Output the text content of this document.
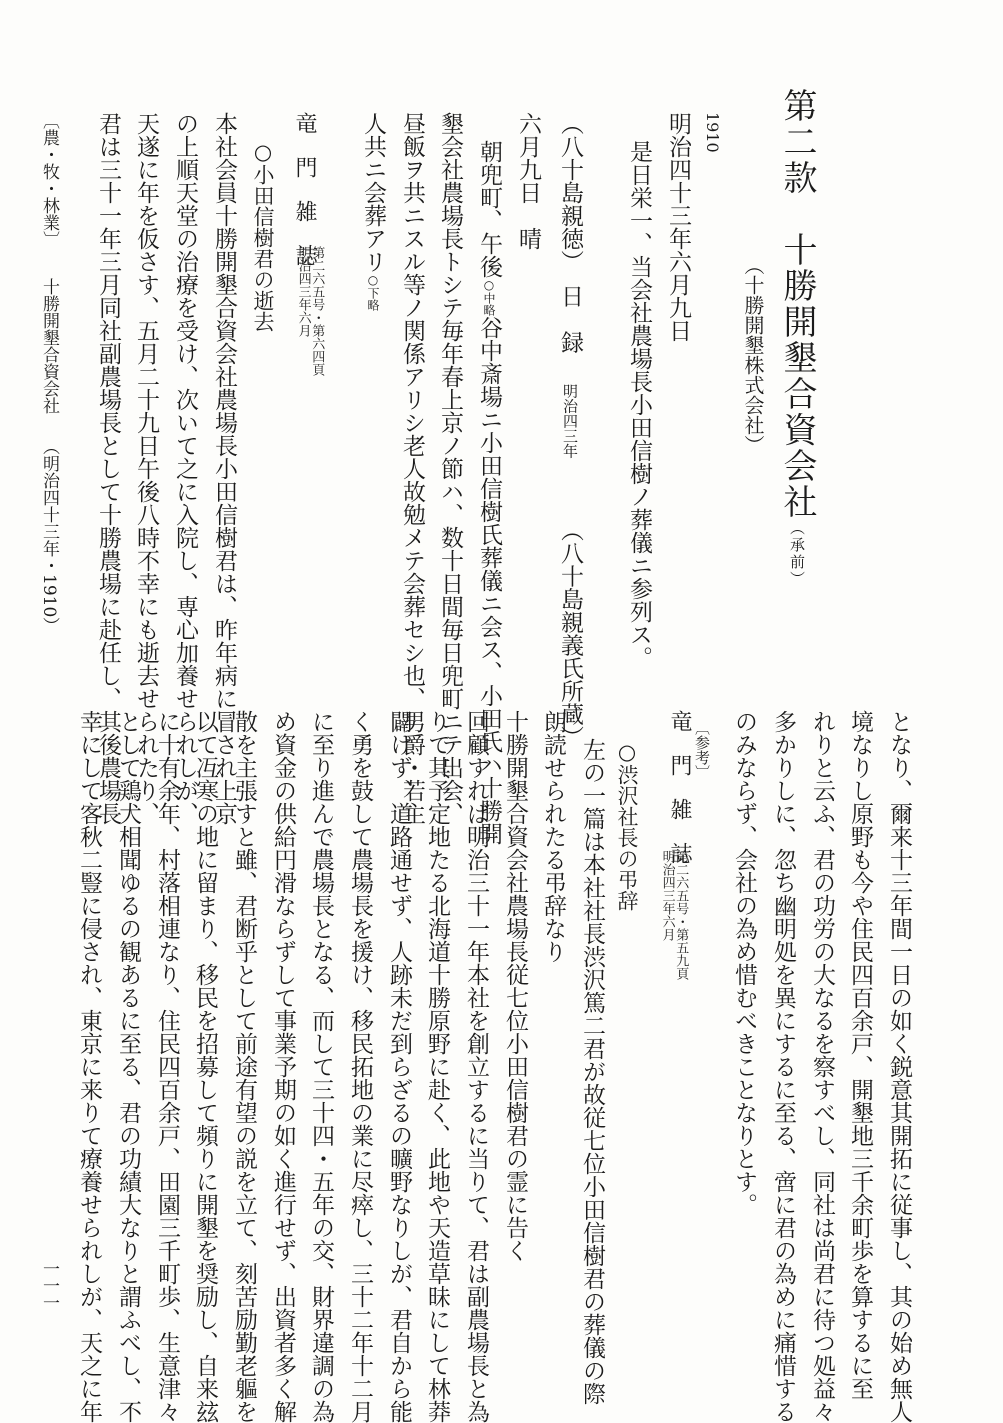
第二款　十勝開墾合資会社（承前）
（十勝開墾株式会社）
1910
明治四十三年六月九日
是日栄一、当会社農場長小田信樹ノ葬儀ニ参列ス。
（八十島親徳）　日　録明治四三年（八十島親義氏所蔵）
六月九日　晴
朝兜町、午後○中略谷中斎場ニ小田信樹氏葬儀ニ会ス、小田氏ハ十勝開
墾会社農場長トシテ毎年春上京ノ節ハ、数十日間毎日兜町ニテ出会、
昼飯ヲ共ニスル等ノ関係アリシ老人故勉メテ会葬セシ也、男爵・若主
人共ニ会葬アリ○下略
竜　門　雑　誌
第二六五号・第六四頁
明治四三年六月
○小田信樹君の逝去
本社会員十勝開墾合資会社農場長小田信樹君は、昨年病に冒され上京
の上順天堂の治療を受け、次いて之に入院し、専心加養せられしが、
天遂に年を仮さす、五月二十九日午後八時不幸にも逝去せられたり、
君は三十一年三月同社副農場長として十勝農場に赴任し、其後農場長
となり、爾来十三年間一日の如く鋭意其開拓に従事し、其の始め無人
境なりし原野も今や住民四百余戸、開墾地三千余町歩を算するに至
れりと云ふ、君の功労の大なるを察すべし、同社は尚君に待つ処益々
多かりしに、忽ち幽明処を異にするに至る、啻に君の為めに痛惜する
のみならず、会社の為め惜むべきことなりとす。
〔参考〕
竜　門　雑　誌
第二六五号・第五九頁
明治四三年六月
○渋沢社長の弔辞
左の一篇は本社社長渋沢篤二君が故従七位小田信樹君の葬儀の際
朗読せられたる弔辞なり
十勝開墾合資会社農場長従七位小田信樹君の霊に告く
回顧すれば明治三十一年本社を創立するに当りて、君は副農場長と為
りて其予定地たる北海道十勝原野に赴く、此地や天造草昧にして林莽
闢けず、道路通せず、人跡未だ到らざるの曠野なりしが、君自から能
く勇を鼓して農場長を援け、移民拓地の業に尽瘁し、三十二年十二月
に至り進んで農場長となる、而して三十四・五年の交、財界違調の為
め資金の供給円滑ならずして事業予期の如く進行せず、出資者多く解
散を主張すと雖、君断乎として前途有望の説を立て、刻苦励勤老軀を
以て冱寒の地に留まり、移民を招募して頻りに開墾を奨励し、自来玆
に十有余年、村落相連なり、住民四百余戸、田園三千町歩、生意津々
として鶏犬相聞ゆるの観あるに至る、君の功績大なりと謂ふべし、不
幸にして客秋二豎に侵され、東京に来りて療養せられしが、天之に年
〔農・牧・林業〕十勝開墾合資会社（明治四十三年・1910）
一一一
